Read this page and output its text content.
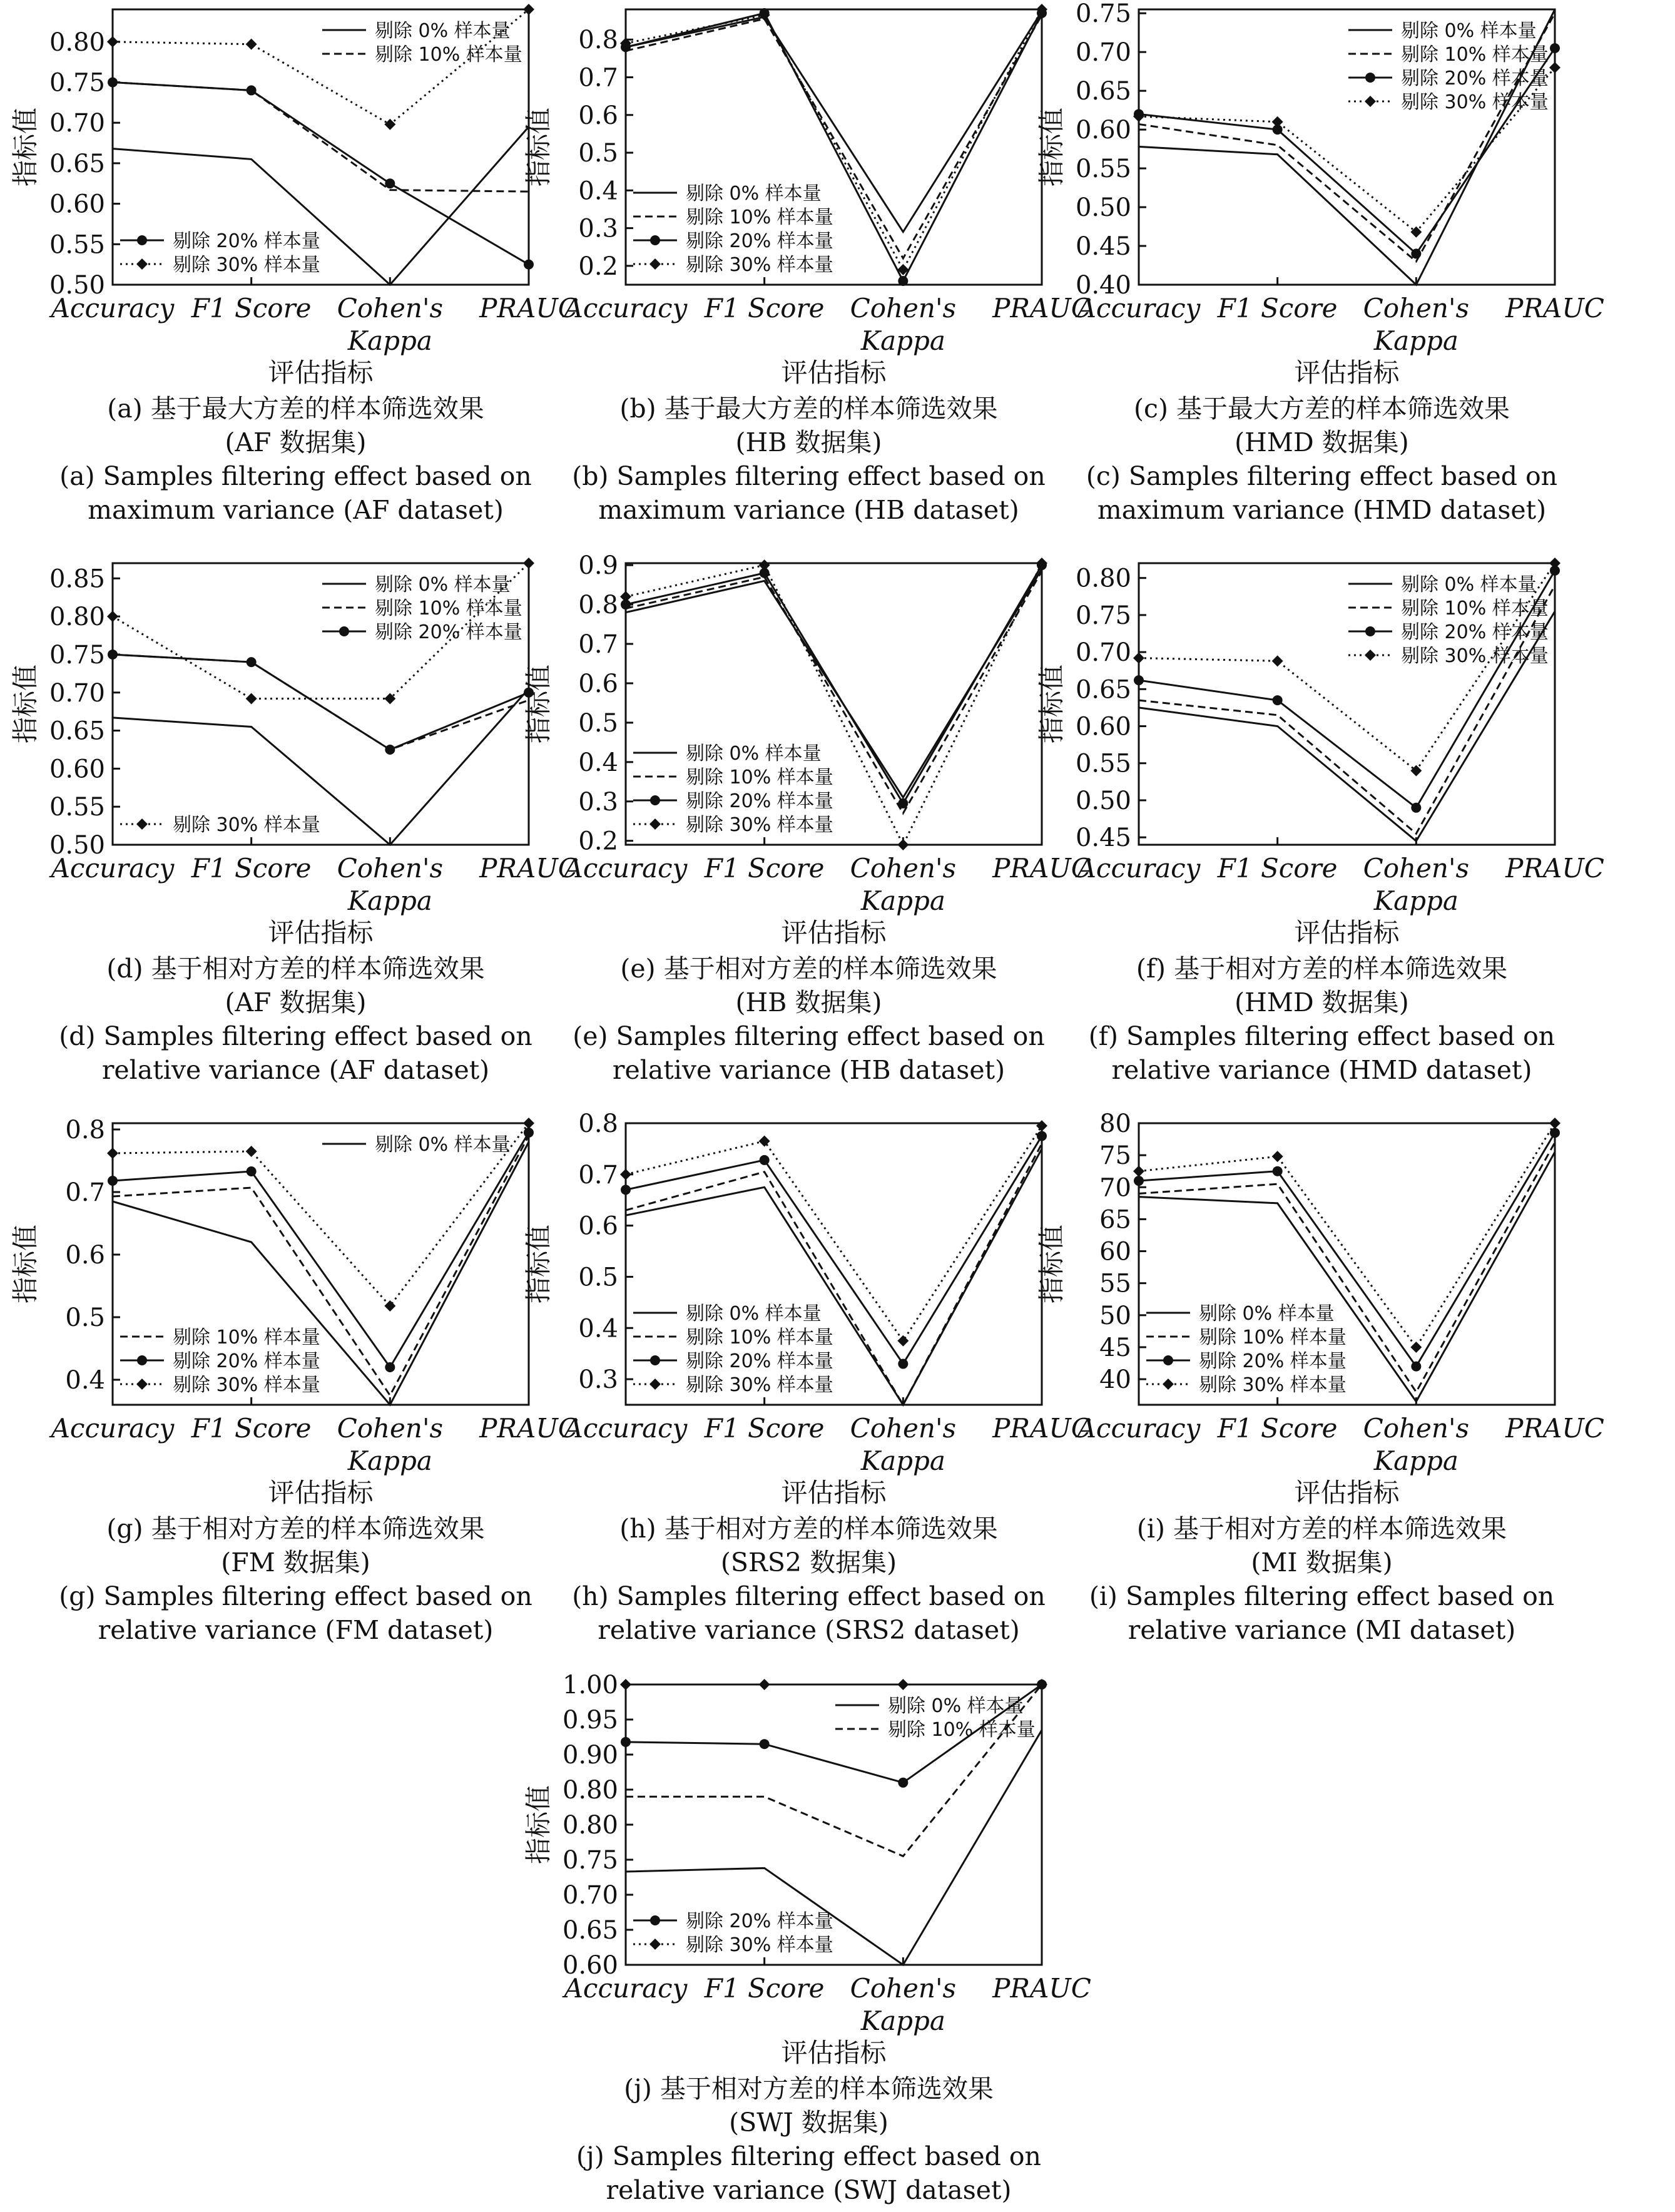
0.50
0.55
0.60
0.65
0.70
0.75
0.80
Accuracy F1 Score Cohen's Kappa
PRAUC
指标值
评估指标
剔除 0% 样本量
剔除 10% 样本量
剔除 20% 样本量
剔除 30% 样本量
(a) 基于最大方差的样本筛选效果
(AF 数据集)
(a) Samples filtering effect based on
maximum variance (AF dataset)
0.2
0.3
0.4
0.5
0.6
0.7
0.8
Accuracy F1 Score Cohen's Kappa
PRAUC
指标值
评估指标
剔除 0% 样本量
剔除 10% 样本量
剔除 20% 样本量
剔除 30% 样本量
(b) 基于最大方差的样本筛选效果
(HB 数据集)
(b) Samples filtering effect based on
maximum variance (HB dataset)
0.40
0.45
0.50
0.55
0.60
0.65
0.70
0.75
Accuracy F1 Score Cohen's Kappa
PRAUC
指标值
评估指标
剔除 0% 样本量
剔除 10% 样本量
剔除 20% 样本量
剔除 30% 样本量
(c) 基于最大方差的样本筛选效果
(HMD 数据集)
(c) Samples filtering effect based on
maximum variance (HMD dataset)
0.50
0.55
0.60
0.65
0.70
0.75
0.80
0.85
Accuracy F1 Score Cohen's Kappa
PRAUC
指标值
评估指标
剔除 0% 样本量
剔除 10% 样本量
剔除 20% 样本量
剔除 30% 样本量
(d) 基于相对方差的样本筛选效果
(AF 数据集)
(d) Samples filtering effect based on
relative variance (AF dataset)
0.2
0.3
0.4
0.5
0.6
0.7
0.8
0.9
Accuracy F1 Score Cohen's Kappa
PRAUC
指标值
评估指标
剔除 0% 样本量
剔除 10% 样本量
剔除 20% 样本量
剔除 30% 样本量
(e) 基于相对方差的样本筛选效果
(HB 数据集)
(e) Samples filtering effect based on
relative variance (HB dataset)
0.45
0.50
0.55
0.60
0.65
0.70
0.75
0.80
Accuracy F1 Score Cohen's Kappa
PRAUC
指标值
评估指标
剔除 0% 样本量
剔除 10% 样本量
剔除 20% 样本量
剔除 30% 样本量
(f) 基于相对方差的样本筛选效果
(HMD 数据集)
(f) Samples filtering effect based on
relative variance (HMD dataset)
0.4
0.5
0.6
0.7
0.8
Accuracy F1 Score Cohen's Kappa
PRAUC
指标值
评估指标
剔除 0% 样本量
剔除 10% 样本量
剔除 20% 样本量
剔除 30% 样本量
(g) 基于相对方差的样本筛选效果
(FM 数据集)
(g) Samples filtering effect based on
relative variance (FM dataset)
0.3
0.4
0.5
0.6
0.7
0.8
Accuracy F1 Score Cohen's Kappa
PRAUC
指标值
评估指标
剔除 0% 样本量
剔除 10% 样本量
剔除 20% 样本量
剔除 30% 样本量
(h) 基于相对方差的样本筛选效果
(SRS2 数据集)
(h) Samples filtering effect based on
relative variance (SRS2 dataset)
40
45
50
55
60
65
70
75
80
Accuracy F1 Score Cohen's Kappa
PRAUC
指标值
评估指标
剔除 0% 样本量
剔除 10% 样本量
剔除 20% 样本量
剔除 30% 样本量
(i) 基于相对方差的样本筛选效果
(MI 数据集)
(i) Samples filtering effect based on
relative variance (MI dataset)
0.60
0.65
0.70
0.75
0.80
0.80
0.90
0.95
1.00
Accuracy F1 Score Cohen's Kappa
PRAUC
指标值
评估指标
剔除 0% 样本量
剔除 10% 样本量
剔除 20% 样本量
剔除 30% 样本量
(j) 基于相对方差的样本筛选效果
(SWJ 数据集)
(j) Samples filtering effect based on
relative variance (SWJ dataset)
